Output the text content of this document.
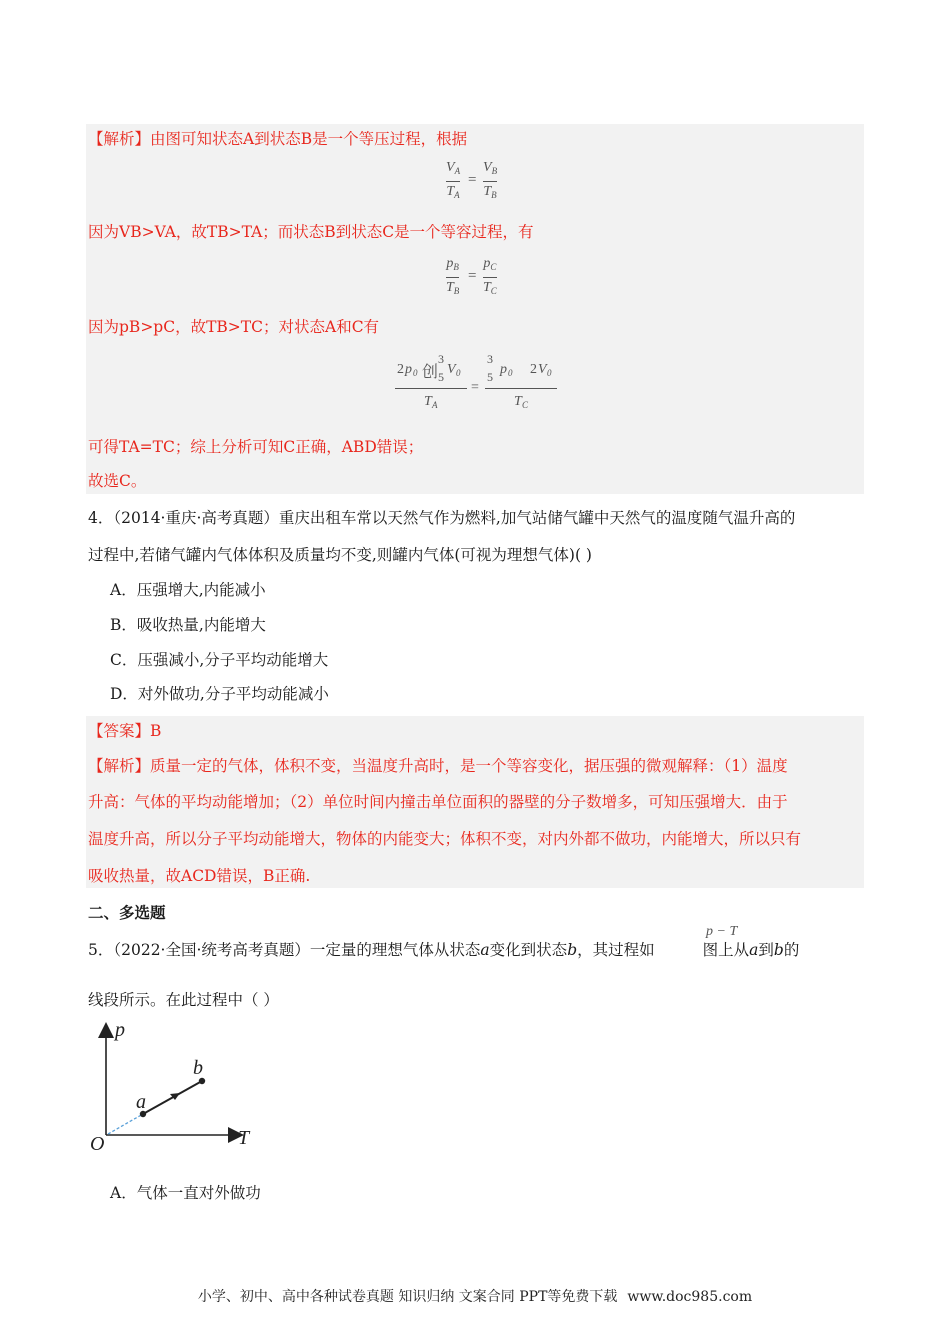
【解析】由图可知状态A到状态B是一个等压过程，根据
$V_A$
$T_A$
=
$V_B$
$T_B$
因为VB>VA，故TB>TA；而状态B到状态C是一个等容过程，有
$p_B$
$T_B$
=
$p_C$
$T_C$
因为pB>pC，故TB>TC；对状态A和C有
2 p 0 创
3
5 V 0
T A
=
3
5 p 0 2 V 0
T C
可得TA=TC；综上分析可知C正确，ABD错误；
故选C。
4．（2014·重庆·高考真题）重庆出租车常以天然气作为燃料,加气站储气罐中天然气的温度随气温升高的
过程中,若储气罐内气体体积及质量均不变,则罐内气体(可视为理想气体)( )
A．压强增大,内能减小
B．吸收热量,内能增大
C．压强减小,分子平均动能增大
D．对外做功,分子平均动能减小
【答案】B
【解析】质量一定的气体，体积不变，当温度升高时，是一个等容变化，据压强的微观解释：（1）温度
升高：气体的平均动能增加；（2）单位时间内撞击单位面积的器壁的分子数增多，可知压强增大．由于
温度升高，所以分子平均动能增大，物体的内能变大；体积不变，对内外都不做功，内能增大，所以只有
吸收热量，故ACD错误，B正确.
二、多选题
5．（2022·全国·统考高考真题）一定量的理想气体从状态a变化到状态b，其过程如	图上从a到b的
p − T
线段所示。在此过程中（ ）
p
T
O
a
b
A．气体一直对外做功
小学、初中、高中各种试卷真题 知识归纳 文案合同 PPT等免费下载 www.doc985.com
